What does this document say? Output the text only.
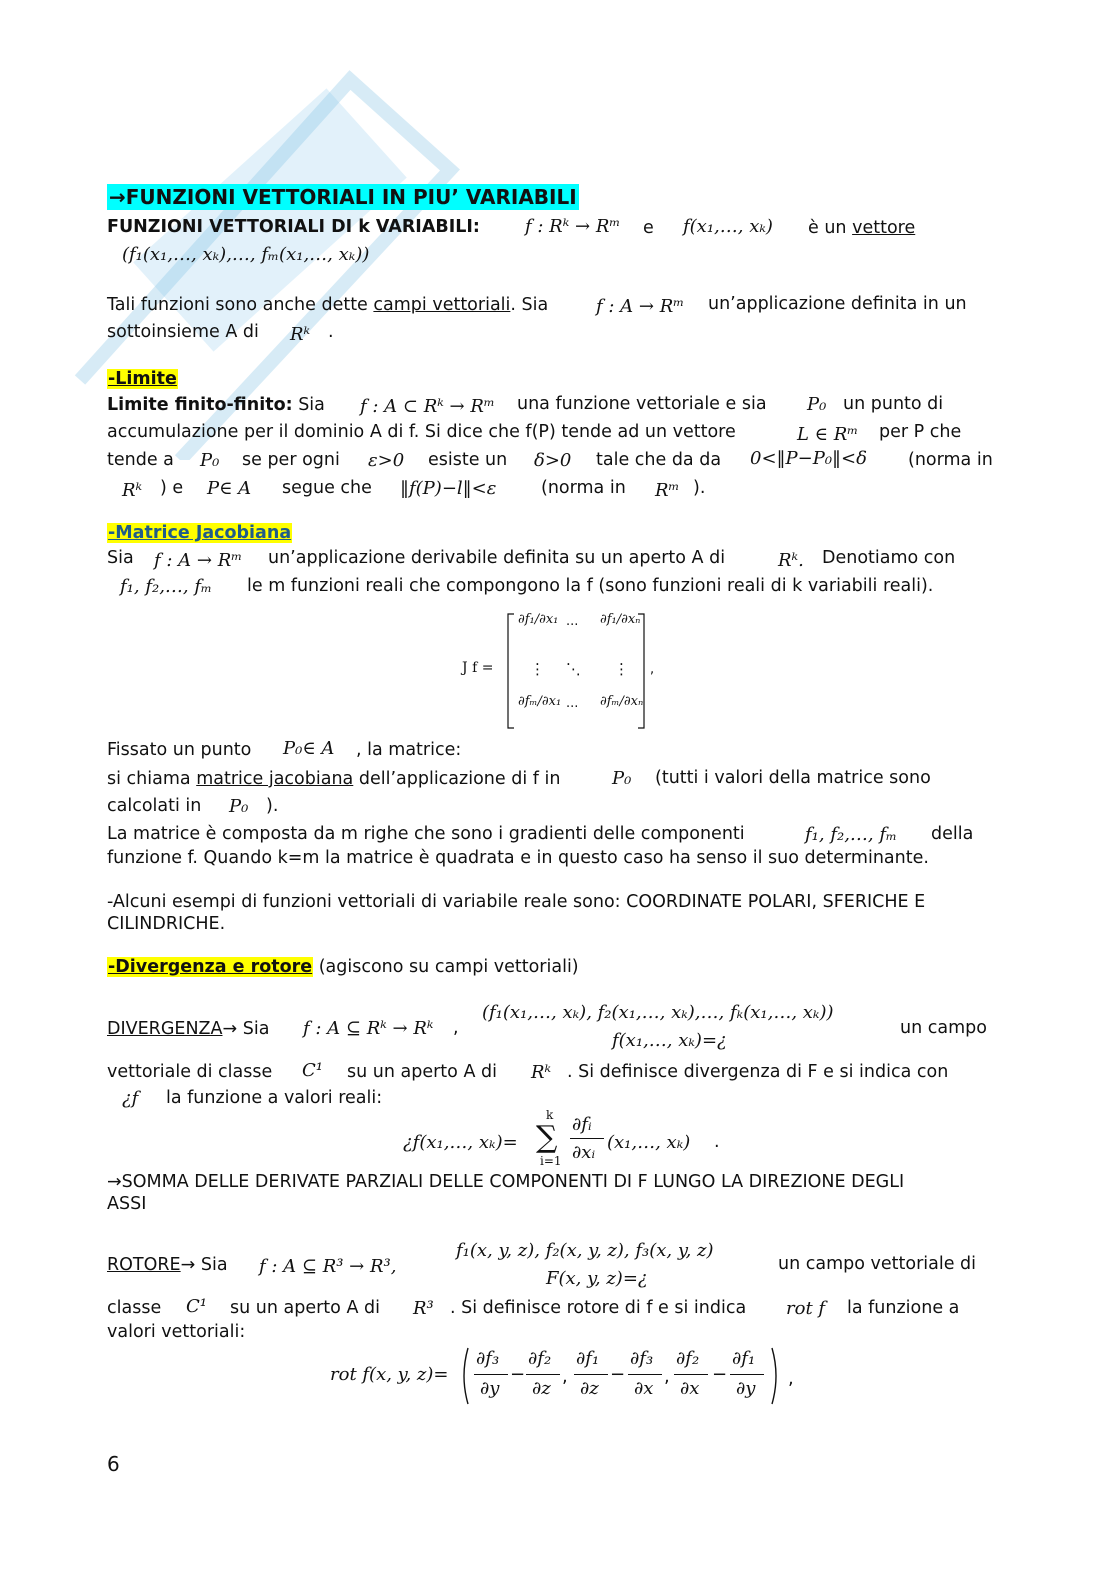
→FUNZIONI VETTORIALI IN PIU’ VARIABILI
FUNZIONI VETTORIALI DI k VARIABILI:	f : Rᵏ → Rᵐ e f(x₁,…, xₖ) è un vettore
(f₁(x₁,…, xₖ),…, fₘ(x₁,…, xₖ))
Tali funzioni sono anche dette campi vettoriali. Sia	f : A → Rᵐ un’applicazione definita in un
sottoinsieme A di Rᵏ .
-Limite
Limite finito-finito: Sia f : A ⊂ Rᵏ → Rᵐ una funzione vettoriale e sia P₀ un punto di
accumulazione per il dominio A di f. Si dice che f(P) tende ad un vettore	L ∈ Rᵐ per P che
tende a P₀ se per ogni ε>0 esiste un δ>0 tale che da da 0<‖P−P₀‖<δ (norma in
Rᵏ ) e P∈ A segue che ‖f(P)−l‖<ε	(norma in Rᵐ ).
-Matrice Jacobiana
Sia f : A → Rᵐ un’applicazione derivabile definita su un aperto A di	Rᵏ. Denotiamo con
f₁, f₂,…, fₘ le m funzioni reali che compongono la f (sono funzioni reali di k variabili reali).
J f =
∂f₁/∂x₁ ··· ∂f₁/∂xₙ
⋮ ⋱ ⋮
∂fₘ/∂x₁ ··· ∂fₘ/∂xₙ
,
Fissato un punto P₀∈ A , la matrice:
si chiama matrice jacobiana dell’applicazione di f in	P₀ (tutti i valori della matrice sono
calcolati in P₀ ).
La matrice è composta da m righe che sono i gradienti delle componenti	f₁, f₂,…, fₘ della
funzione f. Quando k=m la matrice è quadrata e in questo caso ha senso il suo determinante.
-Alcuni esempi di funzioni vettoriali di variabile reale sono: COORDINATE POLARI, SFERICHE E
CILINDRICHE.
-Divergenza e rotore (agiscono su campi vettoriali)
DIVERGENZA→ Sia f : A ⊆ Rᵏ → Rᵏ ,
(f₁(x₁,…, xₖ), f₂(x₁,…, xₖ),…, fₖ(x₁,…, xₖ))
f(x₁,…, xₖ)=¿
un campo
vettoriale di classe C¹ su un aperto A di Rᵏ . Si definisce divergenza di F e si indica con
¿f la funzione a valori reali:
¿f(x₁,…, xₖ)=
k
∑
i=1
∂fᵢ
∂xᵢ (x₁,…, xₖ) .
→SOMMA DELLE DERIVATE PARZIALI DELLE COMPONENTI DI F LUNGO LA DIREZIONE DEGLI
ASSI
ROTORE→ Sia f : A ⊆ R³ → R³,
f₁(x, y, z), f₂(x, y, z), f₃(x, y, z)
F(x, y, z)=¿
un campo vettoriale di
classe C¹ su un aperto A di R³ . Si definisce rotore di f e si indica rot f la funzione a
valori vettoriali:
rot f(x, y, z)=
∂f₃
∂y
−
∂f₂
∂z
,
∂f₁
∂z
−
∂f₃
∂x
,
∂f₂
∂x
−
∂f₁
∂y ,
6
